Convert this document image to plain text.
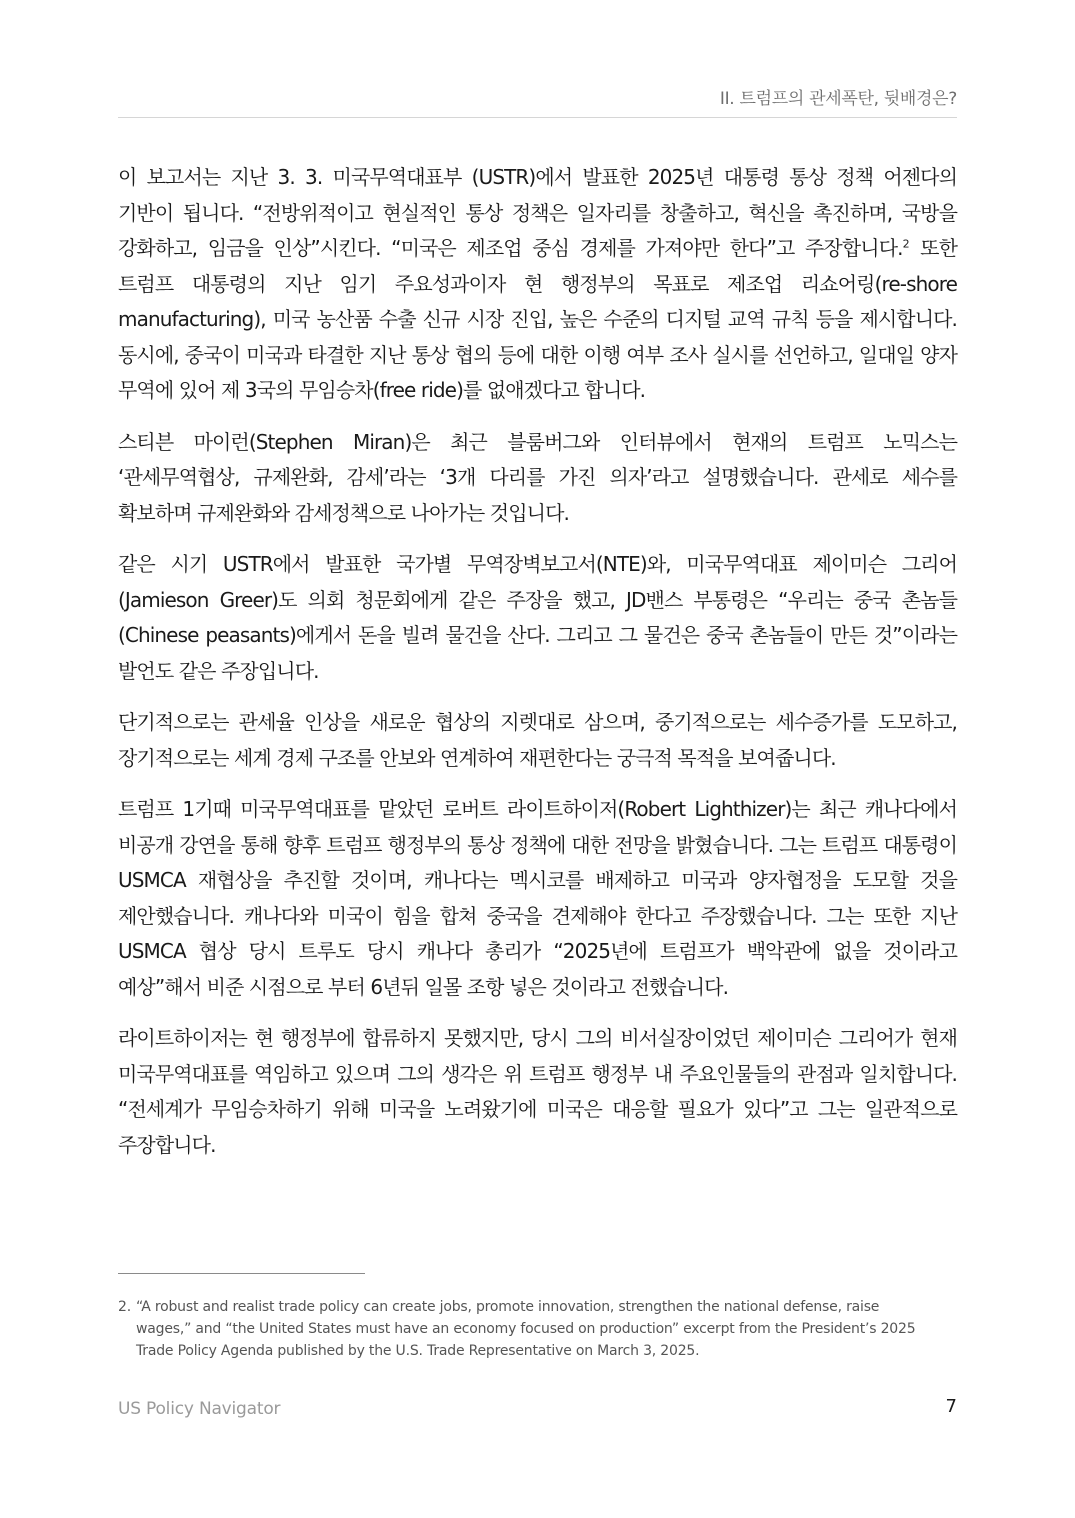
II. 트럼프의 관세폭탄, 뒷배경은?

이 보고서는 지난 3. 3. 미국무역대표부 (USTR)에서 발표한 2025년 대통령 통상 정책 어젠다의 기반이 됩니다. “전방위적이고 현실적인 통상 정책은 일자리를 창출하고, 혁신을 촉진하며, 국방을 강화하고, 임금을 인상”시킨다. “미국은 제조업 중심 경제를 가져야만 한다”고 주장합니다.$^2$ 또한 트럼프 대통령의 지난 임기 주요성과이자 현 행정부의 목표로 제조업 리쇼어링(re-shore manufacturing), 미국 농산품 수출 신규 시장 진입, 높은 수준의 디지털 교역 규칙 등을 제시합니다. 동시에, 중국이 미국과 타결한 지난 통상 협의 등에 대한 이행 여부 조사 실시를 선언하고, 일대일 양자 무역에 있어 제 3국의 무임승차(free ride)를 없애겠다고 합니다.

스티븐 마이런(Stephen Miran)은 최근 블룸버그와 인터뷰에서 현재의 트럼프 노믹스는 ‘관세무역협상, 규제완화, 감세’라는 ‘3개 다리를 가진 의자’라고 설명했습니다. 관세로 세수를 확보하며 규제완화와 감세정책으로 나아가는 것입니다.

같은 시기 USTR에서 발표한 국가별 무역장벽보고서(NTE)와, 미국무역대표 제이미슨 그리어(Jamieson Greer)도 의회 청문회에게 같은 주장을 했고, JD밴스 부통령은 “우리는 중국 촌놈들(Chinese peasants)에게서 돈을 빌려 물건을 산다. 그리고 그 물건은 중국 촌놈들이 만든 것”이라는 발언도 같은 주장입니다.

단기적으로는 관세율 인상을 새로운 협상의 지렛대로 삼으며, 중기적으로는 세수증가를 도모하고, 장기적으로는 세계 경제 구조를 안보와 연계하여 재편한다는 궁극적 목적을 보여줍니다.

트럼프 1기때 미국무역대표를 맡았던 로버트 라이트하이저(Robert Lighthizer)는 최근 캐나다에서 비공개 강연을 통해 향후 트럼프 행정부의 통상 정책에 대한 전망을 밝혔습니다. 그는 트럼프 대통령이 USMCA 재협상을 추진할 것이며, 캐나다는 멕시코를 배제하고 미국과 양자협정을 도모할 것을 제안했습니다. 캐나다와 미국이 힘을 합쳐 중국을 견제해야 한다고 주장했습니다. 그는 또한 지난 USMCA 협상 당시 트루도 당시 캐나다 총리가 “2025년에 트럼프가 백악관에 없을 것이라고 예상”해서 비준 시점으로 부터 6년뒤 일몰 조항 넣은 것이라고 전했습니다.

라이트하이저는 현 행정부에 합류하지 못했지만, 당시 그의 비서실장이었던 제이미슨 그리어가 현재 미국무역대표를 역임하고 있으며 그의 생각은 위 트럼프 행정부 내 주요인물들의 관점과 일치합니다. “전세계가 무임승차하기 위해 미국을 노려왔기에 미국은 대응할 필요가 있다”고 그는 일관적으로 주장합니다.

2. “A robust and realist trade policy can create jobs, promote innovation, strengthen the national defense, raise wages,” and “the United States must have an economy focused on production” excerpt from the President’s 2025 Trade Policy Agenda published by the U.S. Trade Representative on March 3, 2025.
US Policy Navigator	7
